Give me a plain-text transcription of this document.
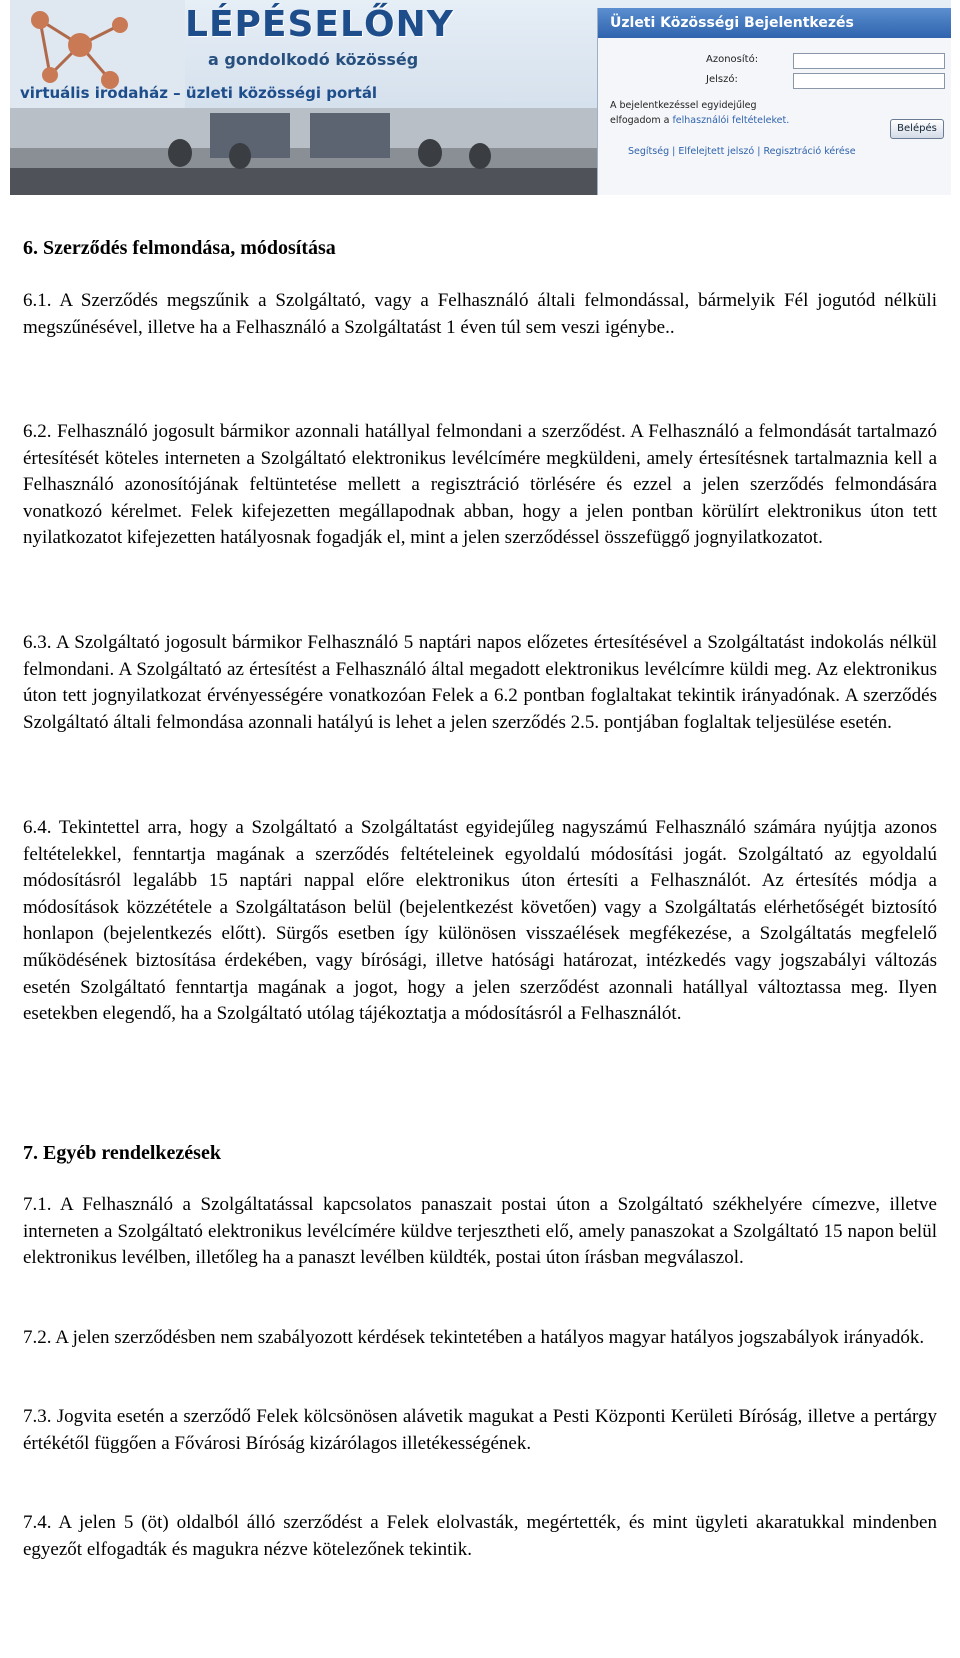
LÉPÉSELŐNY
a gondolkodó közösség
virtuális irodaház – üzleti közösségi portál
Üzleti Közösségi Bejelentkezés
Azonosító:
Jelszó:
A bejelentkezéssel egyidejűleg
elfogadom a felhasználói feltételeket.
Belépés
Segítség | Elfelejtett jelszó | Regisztráció kérése
6. Szerződés felmondása, módosítása

6.1. A Szerződés megszűnik a Szolgáltató, vagy a Felhasználó általi felmondással, bármelyik Fél jogutód nélküli megszűnésével, illetve ha a Felhasználó a Szolgáltatást 1 éven túl sem veszi igénybe..

6.2. Felhasználó jogosult bármikor azonnali hatállyal felmondani a szerződést. A Felhasználó a felmondását tartalmazó értesítését köteles interneten a Szolgáltató elektronikus levélcímére megküldeni, amely értesítésnek tartalmaznia kell a Felhasználó azonosítójának feltüntetése mellett a regisztráció törlésére és ezzel a jelen szerződés felmondására vonatkozó kérelmet. Felek kifejezetten megállapodnak abban, hogy a jelen pontban körülírt elektronikus úton tett nyilatkozatot kifejezetten hatályosnak fogadják el, mint a jelen szerződéssel összefüggő jognyilatkozatot.

6.3. A Szolgáltató jogosult bármikor Felhasználó 5 naptári napos előzetes értesítésével a Szolgáltatást indokolás nélkül felmondani. A Szolgáltató az értesítést a Felhasználó által megadott elektronikus levélcímre küldi meg. Az elektronikus úton tett jognyilatkozat érvényességére vonatkozóan Felek a 6.2 pontban foglaltakat tekintik irányadónak. A szerződés Szolgáltató általi felmondása azonnali hatályú is lehet a jelen szerződés 2.5. pontjában foglaltak teljesülése esetén.

6.4. Tekintettel arra, hogy a Szolgáltató a Szolgáltatást egyidejűleg nagyszámú Felhasználó számára nyújtja azonos feltételekkel, fenntartja magának a szerződés feltételeinek egyoldalú módosítási jogát. Szolgáltató az egyoldalú módosításról legalább 15 naptári nappal előre elektronikus úton értesíti a Felhasználót. Az értesítés módja a módosítások közzététele a Szolgáltatáson belül (bejelentkezést követően) vagy a Szolgáltatás elérhetőségét biztosító honlapon (bejelentkezés előtt). Sürgős esetben így különösen visszaélések megfékezése, a Szolgáltatás megfelelő működésének biztosítása érdekében, vagy bírósági, illetve hatósági határozat, intézkedés vagy jogszabályi változás esetén Szolgáltató fenntartja magának a jogot, hogy a jelen szerződést azonnali hatállyal változtassa meg. Ilyen esetekben elegendő, ha a Szolgáltató utólag tájékoztatja a módosításról a Felhasználót.

7. Egyéb rendelkezések

7.1. A Felhasználó a Szolgáltatással kapcsolatos panaszait postai úton a Szolgáltató székhelyére címezve, illetve interneten a Szolgáltató elektronikus levélcímére küldve terjesztheti elő, amely panaszokat a Szolgáltató 15 napon belül elektronikus levélben, illetőleg ha a panaszt levélben küldték, postai úton írásban megválaszol.

7.2. A jelen szerződésben nem szabályozott kérdések tekintetében a hatályos magyar hatályos jogszabályok irányadók.

7.3. Jogvita esetén a szerződő Felek kölcsönösen alávetik magukat a Pesti Központi Kerületi Bíróság, illetve a pertárgy értékétől függően a Fővárosi Bíróság kizárólagos illetékességének.

7.4. A jelen 5 (öt) oldalból álló szerződést a Felek elolvasták, megértették, és mint ügyleti akaratukkal mindenben egyezőt elfogadták és magukra nézve kötelezőnek tekintik.
